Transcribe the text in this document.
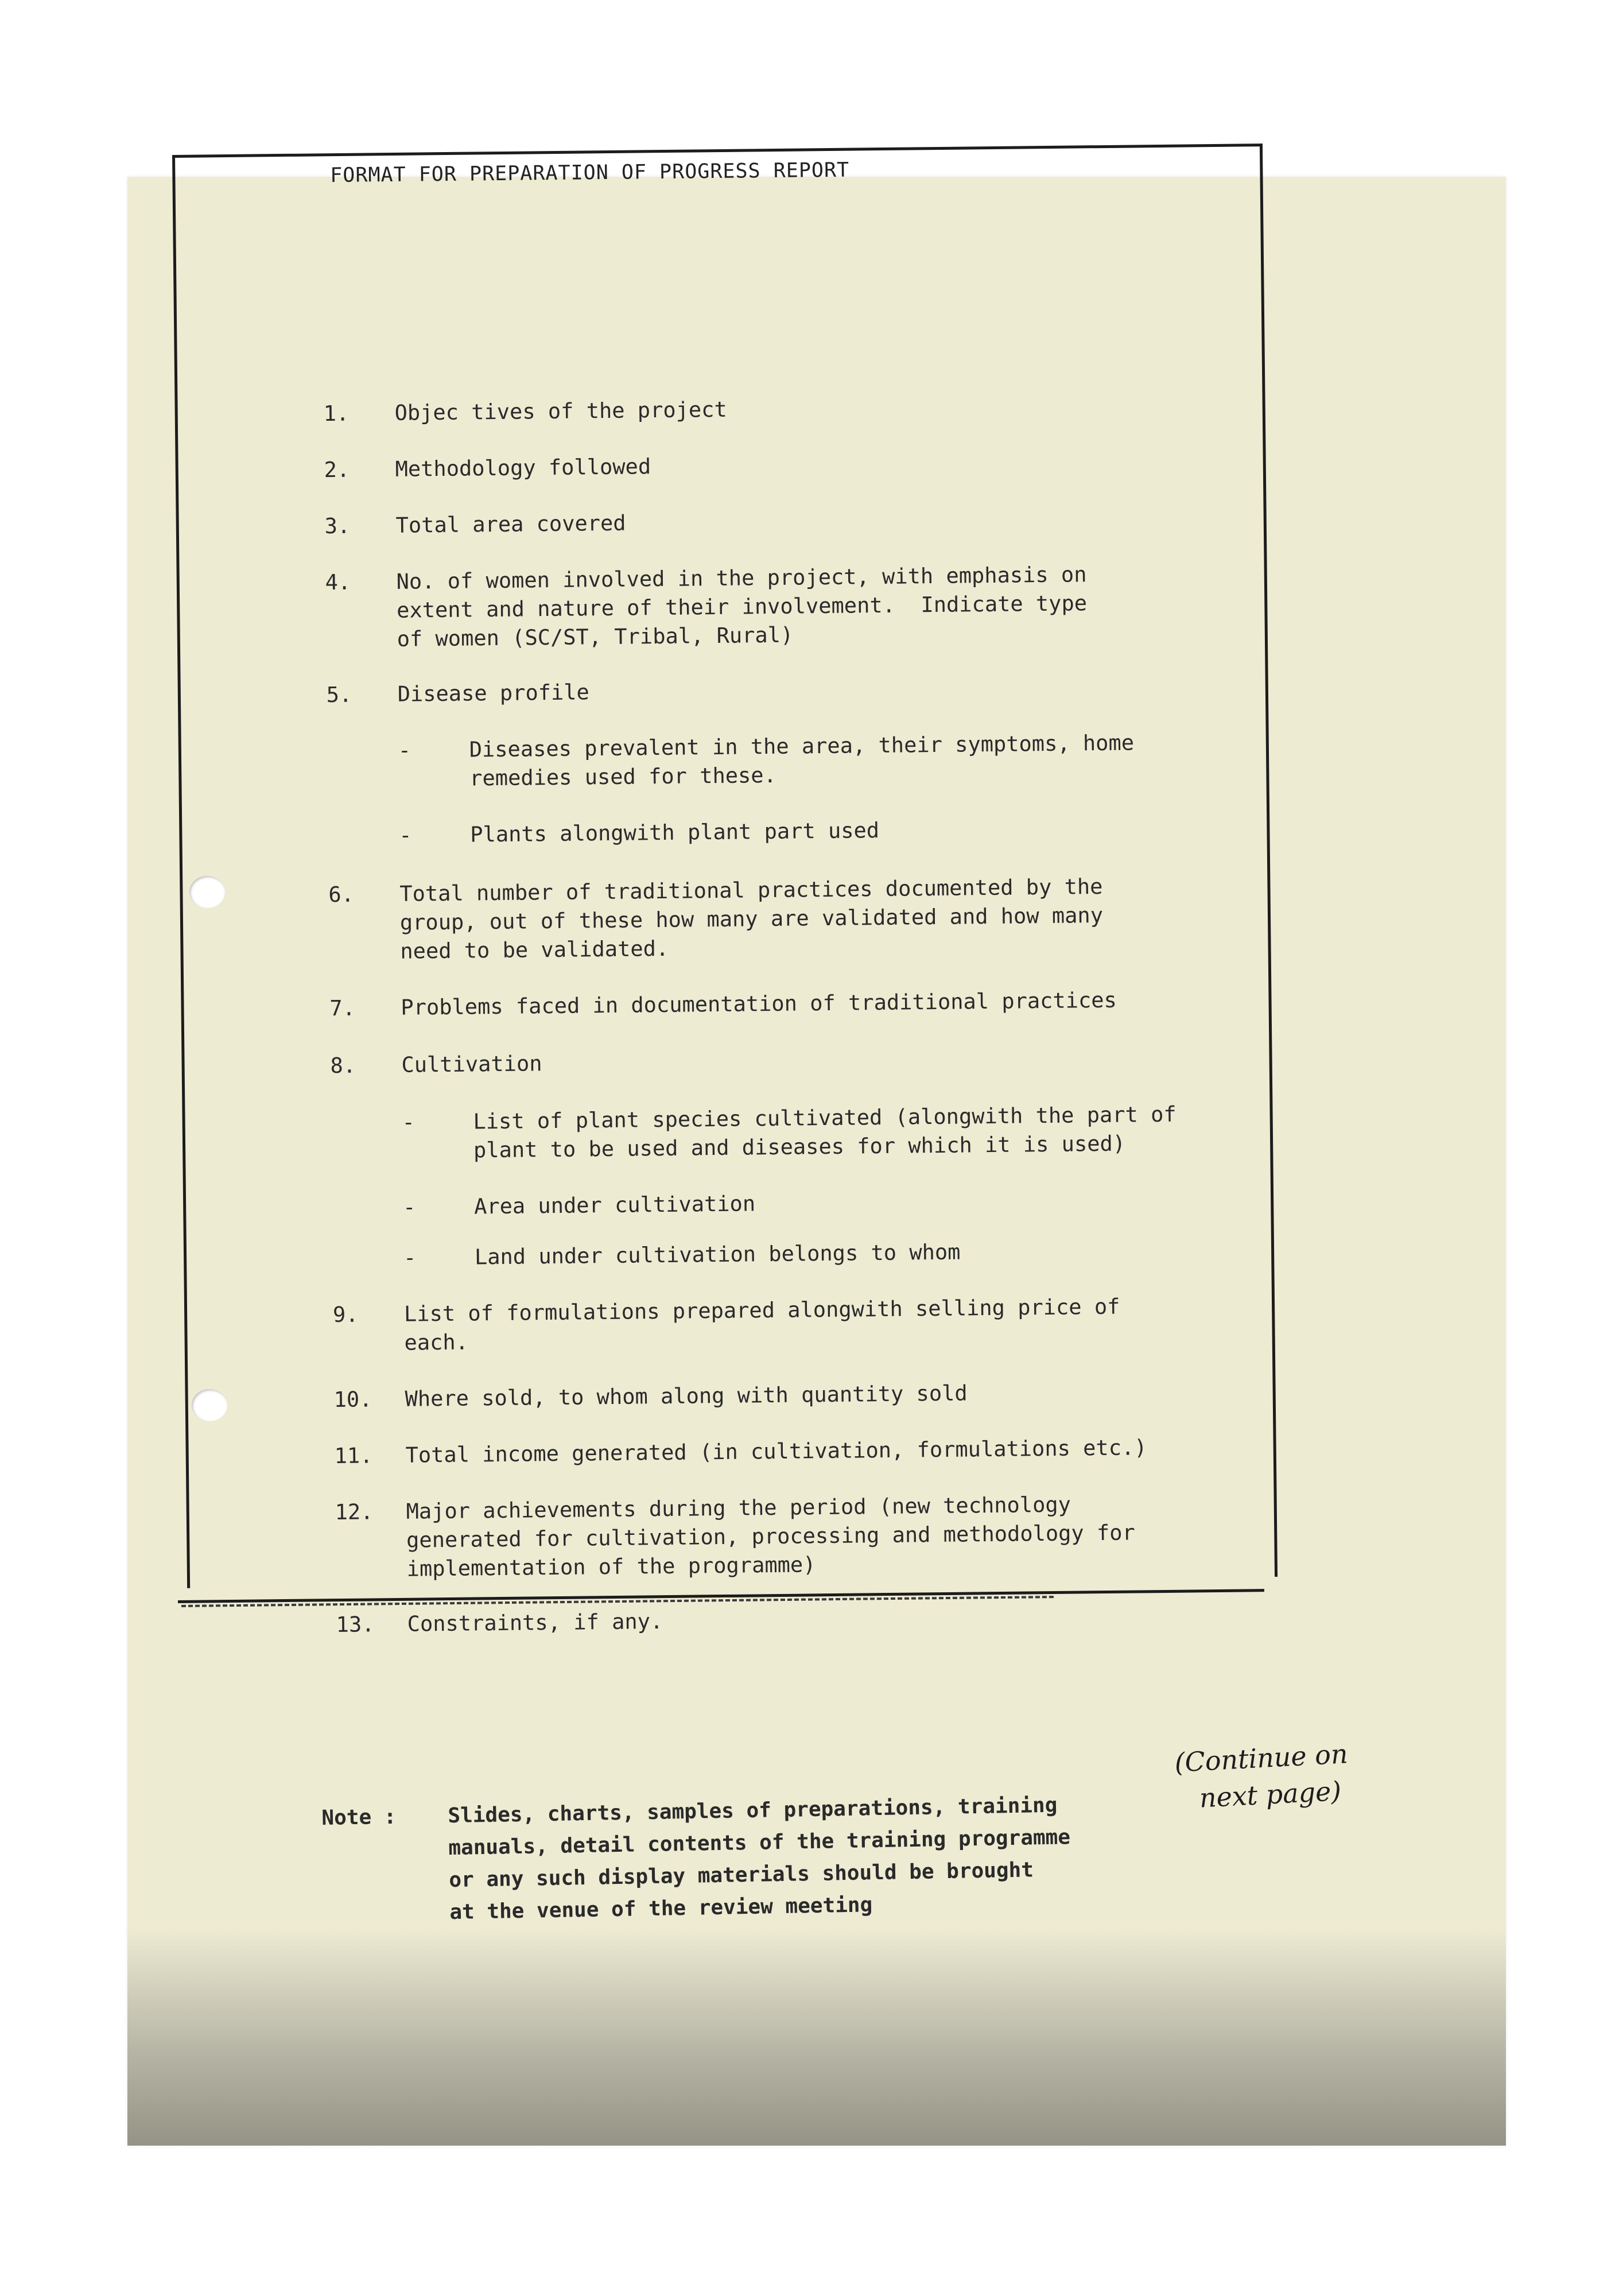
FORMAT FOR PREPARATION OF PROGRESS REPORT

1.

Objec tives of the project

2.

Methodology followed

3.

Total area covered

4.

No. of women involved in the project, with emphasis on
extent and nature of their involvement.  Indicate type
of women (SC/ST, Tribal, Rural)

5.

Disease profile

-

	Diseases prevalent in the area, their symptoms, home
remedies used for these.

-

	Plants alongwith plant part used

6.

Total number of traditional practices documented by the
group, out of these how many are validated and how many
need to be validated.

7.

Problems faced in documentation of traditional practices

8.

Cultivation

-

	List of plant species cultivated (alongwith the part of
plant to be used and diseases for which it is used)

-

	Area under cultivation

-

	Land under cultivation belongs to whom

9.

List of formulations prepared alongwith selling price of
each.

10.

Where sold, to whom along with quantity sold

11.

Total income generated (in cultivation, formulations etc.)

12.

Major achievements during the period (new technology
generated for cultivation, processing and methodology for
implementation of the programme)

13.

Constraints, if any.

Note :

Slides, charts, samples of preparations, training
manuals, detail contents of the training programme
or any such display materials should be brought
at the venue of the review meeting

(Continue on

next page)
